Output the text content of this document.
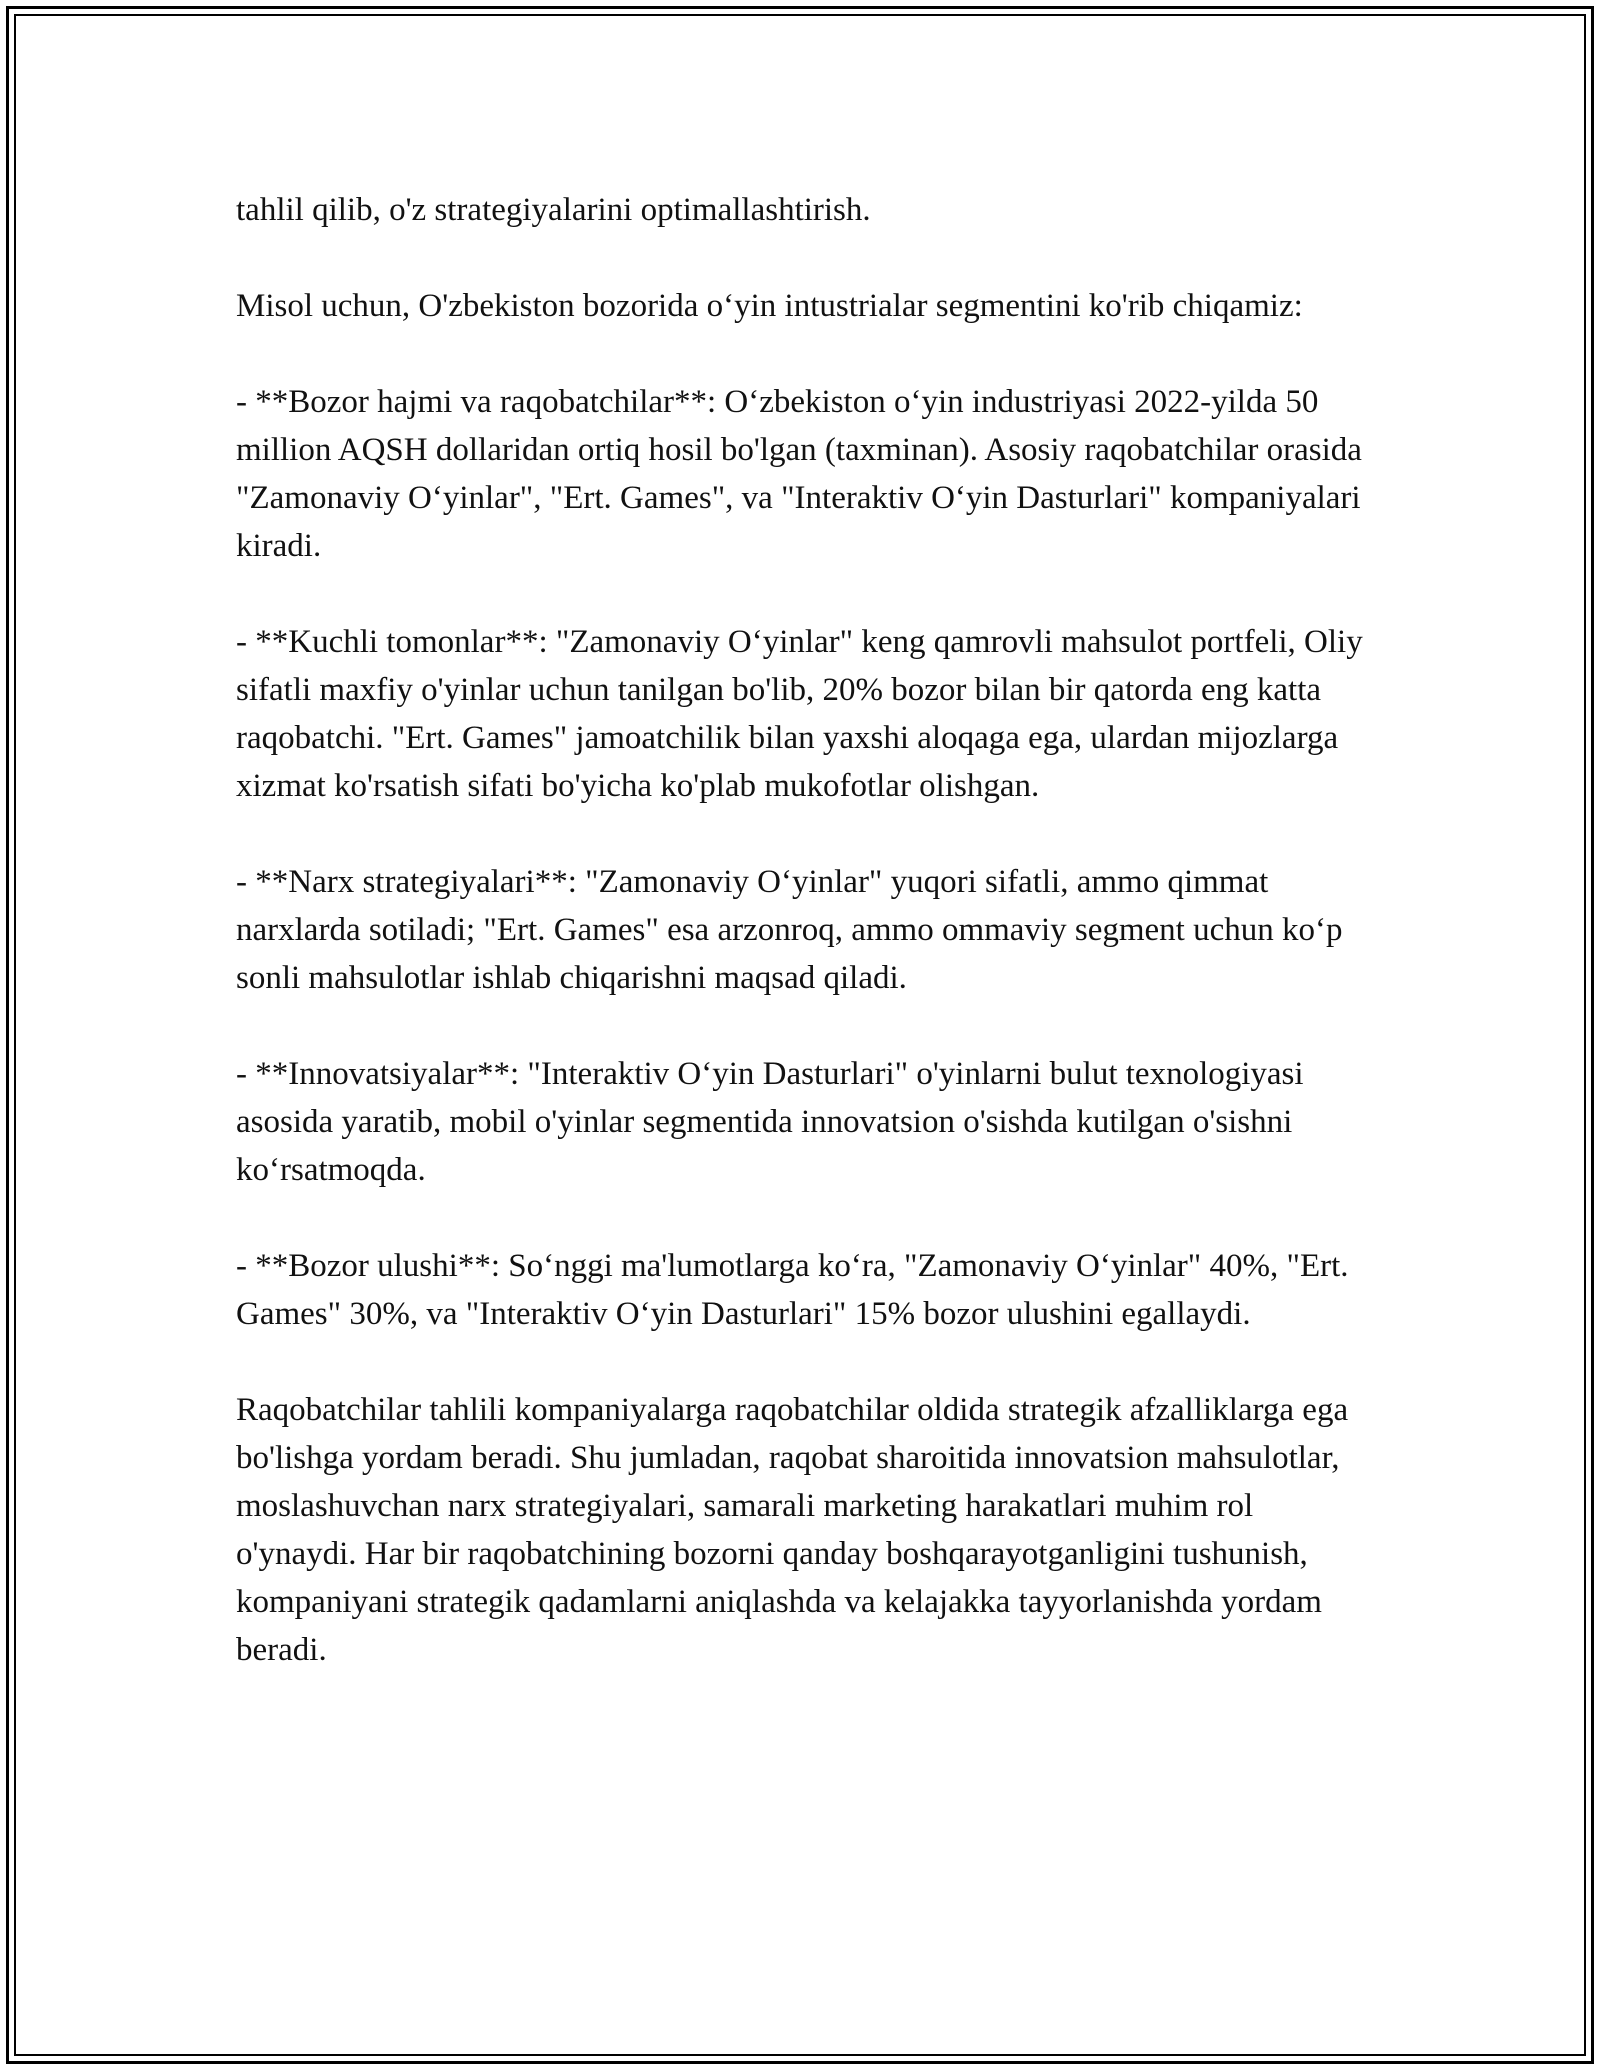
tahlil qilib, o'z strategiyalarini optimallashtirish.

Misol uchun, O'zbekiston bozorida o‘yin intustrialar segmentini ko'rib chiqamiz:

- **Bozor hajmi va raqobatchilar**: O‘zbekiston o‘yin industriyasi 2022-yilda 50 million AQSH dollaridan ortiq hosil bo'lgan (taxminan). Asosiy raqobatchilar orasida "Zamonaviy O‘yinlar", "Ert. Games", va "Interaktiv O‘yin Dasturlari" kompaniyalari kiradi.

- **Kuchli tomonlar**: "Zamonaviy O‘yinlar" keng qamrovli mahsulot portfeli, Oliy sifatli maxfiy o'yinlar uchun tanilgan bo'lib, 20% bozor bilan bir qatorda eng katta raqobatchi. "Ert. Games" jamoatchilik bilan yaxshi aloqaga ega, ulardan mijozlarga xizmat ko'rsatish sifati bo'yicha ko'plab mukofotlar olishgan.

- **Narx strategiyalari**: "Zamonaviy O‘yinlar" yuqori sifatli, ammo qimmat narxlarda sotiladi; "Ert. Games" esa arzonroq, ammo ommaviy segment uchun ko‘p sonli mahsulotlar ishlab chiqarishni maqsad qiladi.

- **Innovatsiyalar**: "Interaktiv O‘yin Dasturlari" o'yinlarni bulut texnologiyasi asosida yaratib, mobil o'yinlar segmentida innovatsion o'sishda kutilgan o'sishni ko‘rsatmoqda.

- **Bozor ulushi**: So‘nggi ma'lumotlarga ko‘ra, "Zamonaviy O‘yinlar" 40%, "Ert. Games" 30%, va "Interaktiv O‘yin Dasturlari" 15% bozor ulushini egallaydi.

Raqobatchilar tahlili kompaniyalarga raqobatchilar oldida strategik afzalliklarga ega bo'lishga yordam beradi. Shu jumladan, raqobat sharoitida innovatsion mahsulotlar, moslashuvchan narx strategiyalari, samarali marketing harakatlari muhim rol o'ynaydi. Har bir raqobatchining bozorni qanday boshqarayotganligini tushunish, kompaniyani strategik qadamlarni aniqlashda va kelajakka tayyorlanishda yordam beradi.
